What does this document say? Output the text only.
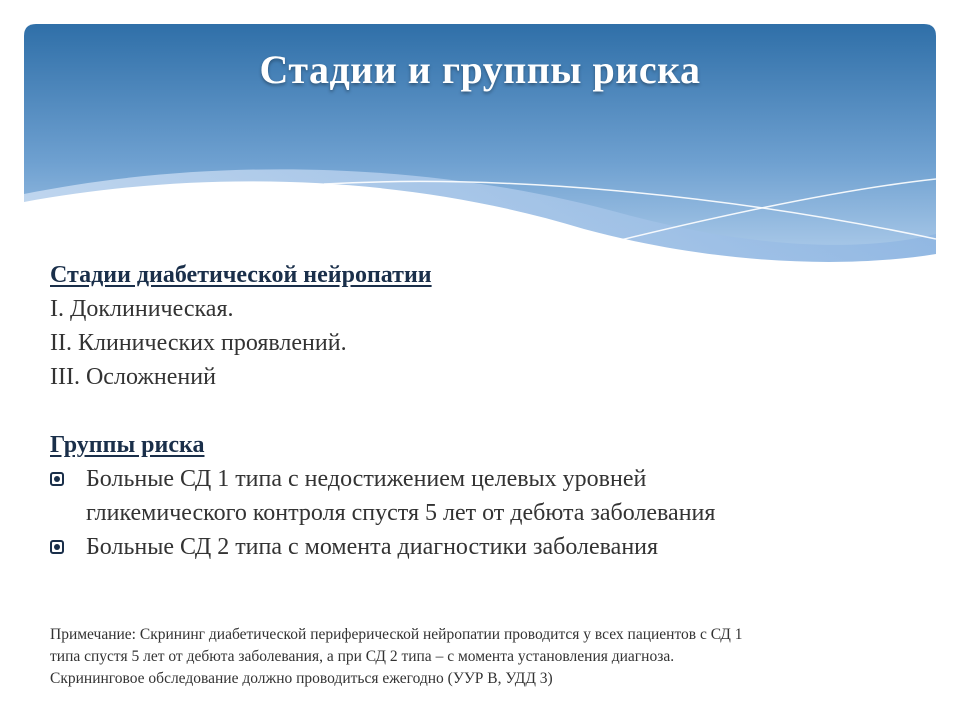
Стадии и группы риска
Стадии диабетической нейропатии
I. Доклиническая.
II. Клинических проявлений.
III. Осложнений
Группы риска
Больные СД 1 типа с недостижением целевых уровней
гликемического контроля спустя 5 лет от дебюта заболевания
Больные СД 2 типа с момента диагностики заболевания
Примечание: Скрининг диабетической периферической нейропатии проводится у всех пациентов с СД 1
типа спустя 5 лет от дебюта заболевания, а при СД 2 типа – с момента установления диагноза.
Скрининговое обследование должно проводиться ежегодно (УУР B, УДД 3)
